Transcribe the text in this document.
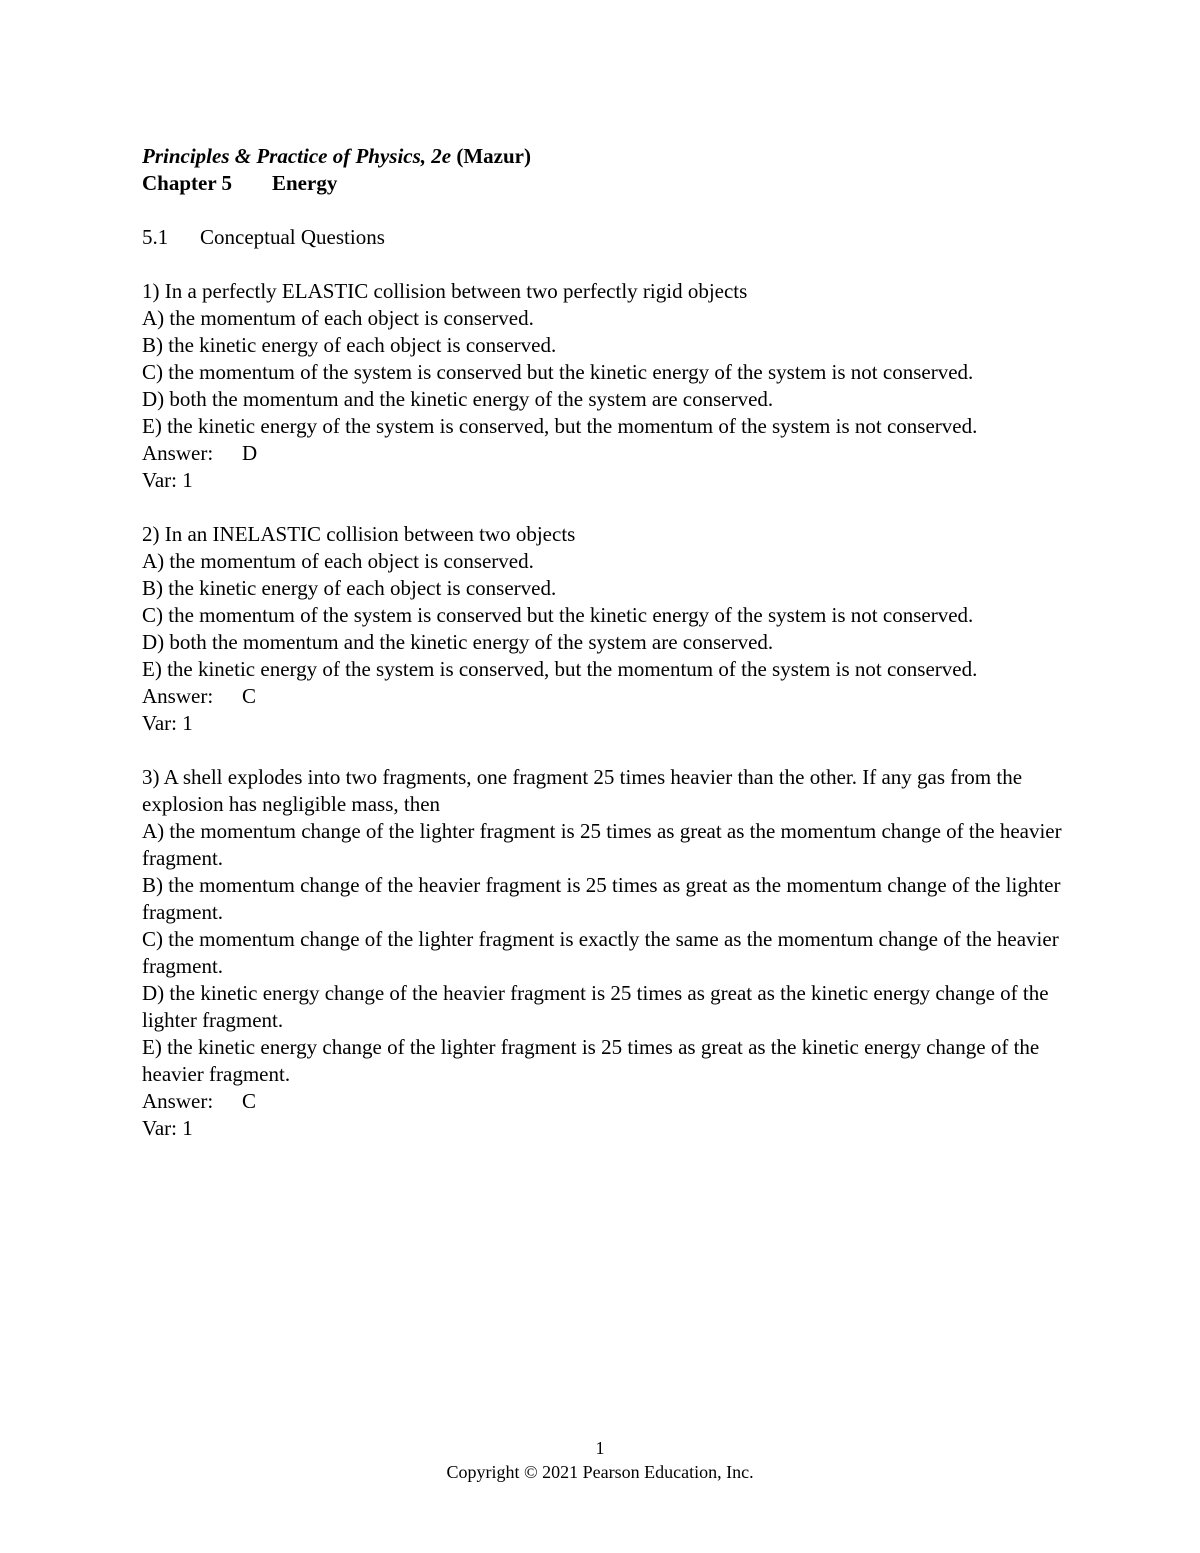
Principles & Practice of Physics, 2e (Mazur)

Chapter 5 Energy

5.1 Conceptual Questions

1) In a perfectly ELASTIC collision between two perfectly rigid objects

A) the momentum of each object is conserved.

B) the kinetic energy of each object is conserved.

C) the momentum of the system is conserved but the kinetic energy of the system is not conserved.

D) both the momentum and the kinetic energy of the system are conserved.

E) the kinetic energy of the system is conserved, but the momentum of the system is not conserved.

Answer: D

Var: 1

2) In an INELASTIC collision between two objects

A) the momentum of each object is conserved.

B) the kinetic energy of each object is conserved.

C) the momentum of the system is conserved but the kinetic energy of the system is not conserved.

D) both the momentum and the kinetic energy of the system are conserved.

E) the kinetic energy of the system is conserved, but the momentum of the system is not conserved.

Answer: C

Var: 1

3) A shell explodes into two fragments, one fragment 25 times heavier than the other. If any gas from the explosion has negligible mass, then

A) the momentum change of the lighter fragment is 25 times as great as the momentum change of the heavier fragment.

B) the momentum change of the heavier fragment is 25 times as great as the momentum change of the lighter fragment.

C) the momentum change of the lighter fragment is exactly the same as the momentum change of the heavier fragment.

D) the kinetic energy change of the heavier fragment is 25 times as great as the kinetic energy change of the lighter fragment.

E) the kinetic energy change of the lighter fragment is 25 times as great as the kinetic energy change of the heavier fragment.

Answer: C

Var: 1

1
Copyright © 2021 Pearson Education, Inc.
